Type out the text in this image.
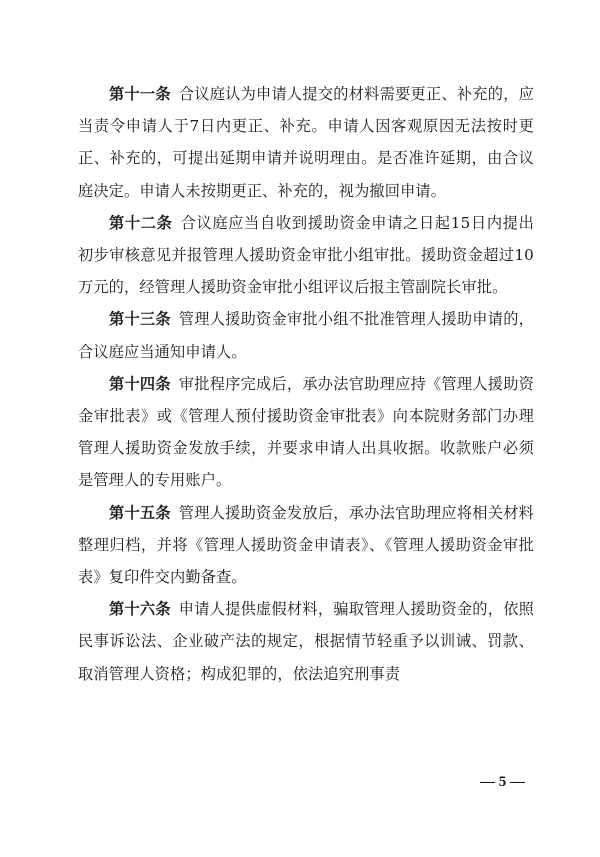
第十一条 合议庭认为申请人提交的材料需要更正、补充的，应当责令申请人于7日内更正、补充。申请人因客观原因无法按时更正、补充的，可提出延期申请并说明理由。是否准许延期，由合议庭决定。申请人未按期更正、补充的，视为撤回申请。

第十二条 合议庭应当自收到援助资金申请之日起15日内提出初步审核意见并报管理人援助资金审批小组审批。援助资金超过10万元的，经管理人援助资金审批小组评议后报主管副院长审批。

第十三条 管理人援助资金审批小组不批准管理人援助申请的，合议庭应当通知申请人。

第十四条 审批程序完成后，承办法官助理应持《管理人援助资金审批表》或《管理人预付援助资金审批表》向本院财务部门办理管理人援助资金发放手续，并要求申请人出具收据。收款账户必须是管理人的专用账户。

第十五条 管理人援助资金发放后，承办法官助理应将相关材料整理归档，并将《管理人援助资金申请表》、《管理人援助资金审批表》复印件交内勤备查。

第十六条 申请人提供虚假材料，骗取管理人援助资金的，依照民事诉讼法、企业破产法的规定，根据情节轻重予以训诫、罚款、取消管理人资格；构成犯罪的，依法追究刑事责

— 5 —
